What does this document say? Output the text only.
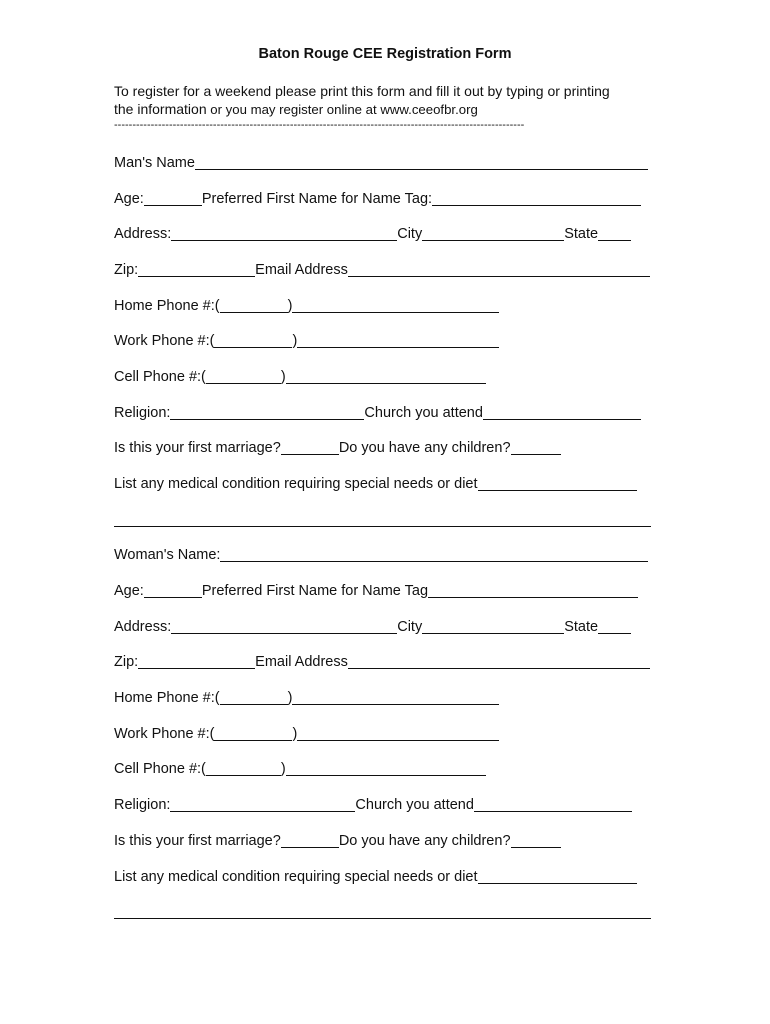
Baton Rouge CEE Registration Form
To register for a weekend please print this form and fill it out by typing or printing
the information or you may register online at www.ceeofbr.org
----------------------------------------------------------------------------------------------------------------
Man's Name
Age:	Preferred First Name for Name Tag:
Address:	City	State
Zip:	Email Address
Home Phone #:(	)
Work Phone #:(	)
Cell Phone #:(	)
Religion:	Church you attend
Is this your first marriage?	Do you have any children?
List any medical condition requiring special needs or diet
Woman's Name:
Age:	Preferred First Name for Name Tag
Address:	City	State
Zip:	Email Address
Home Phone #:(	)
Work Phone #:(	)
Cell Phone #:(	)
Religion:	Church you attend
Is this your first marriage?	Do you have any children?
List any medical condition requiring special needs or diet
